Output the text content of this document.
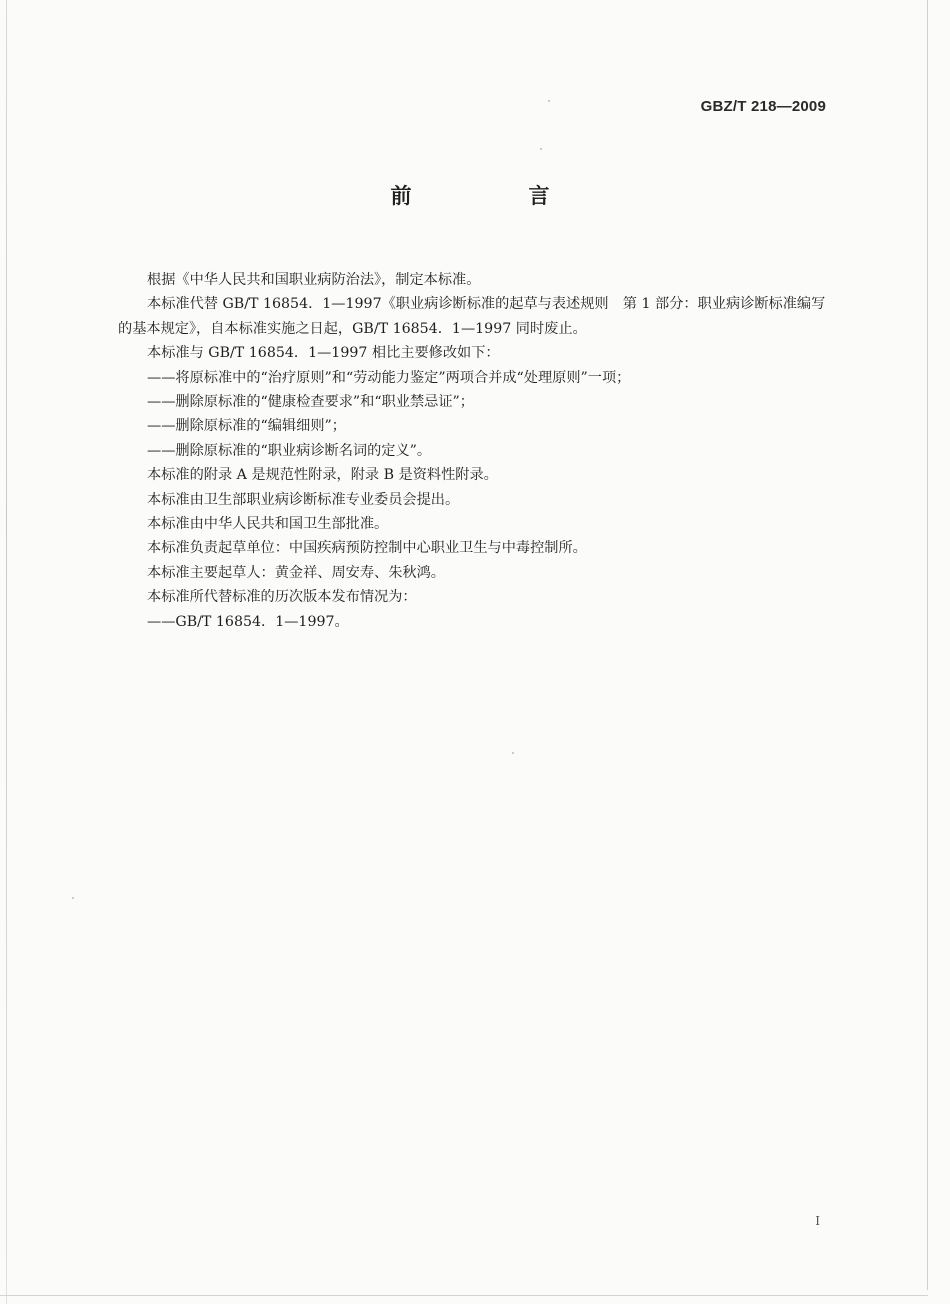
GBZ/T 218—2009
前　言

根据《中华人民共和国职业病防治法》，制定本标准。

本标准代替 GB/T 16854．1—1997《职业病诊断标准的起草与表述规则　第 1 部分：职业病诊断标准编写的基本规定》，自本标准实施之日起，GB/T 16854．1—1997 同时废止。

本标准与 GB/T 16854．1—1997 相比主要修改如下：

——将原标准中的“治疗原则”和“劳动能力鉴定”两项合并成“处理原则”一项；

——删除原标准的“健康检查要求”和“职业禁忌证”；

——删除原标准的“编辑细则”；

——删除原标准的“职业病诊断名词的定义”。

本标准的附录 A 是规范性附录，附录 B 是资料性附录。

本标准由卫生部职业病诊断标准专业委员会提出。

本标准由中华人民共和国卫生部批准。

本标准负责起草单位：中国疾病预防控制中心职业卫生与中毒控制所。

本标准主要起草人：黄金祥、周安寿、朱秋鸿。

本标准所代替标准的历次版本发布情况为：

——GB/T 16854．1—1997。

I
